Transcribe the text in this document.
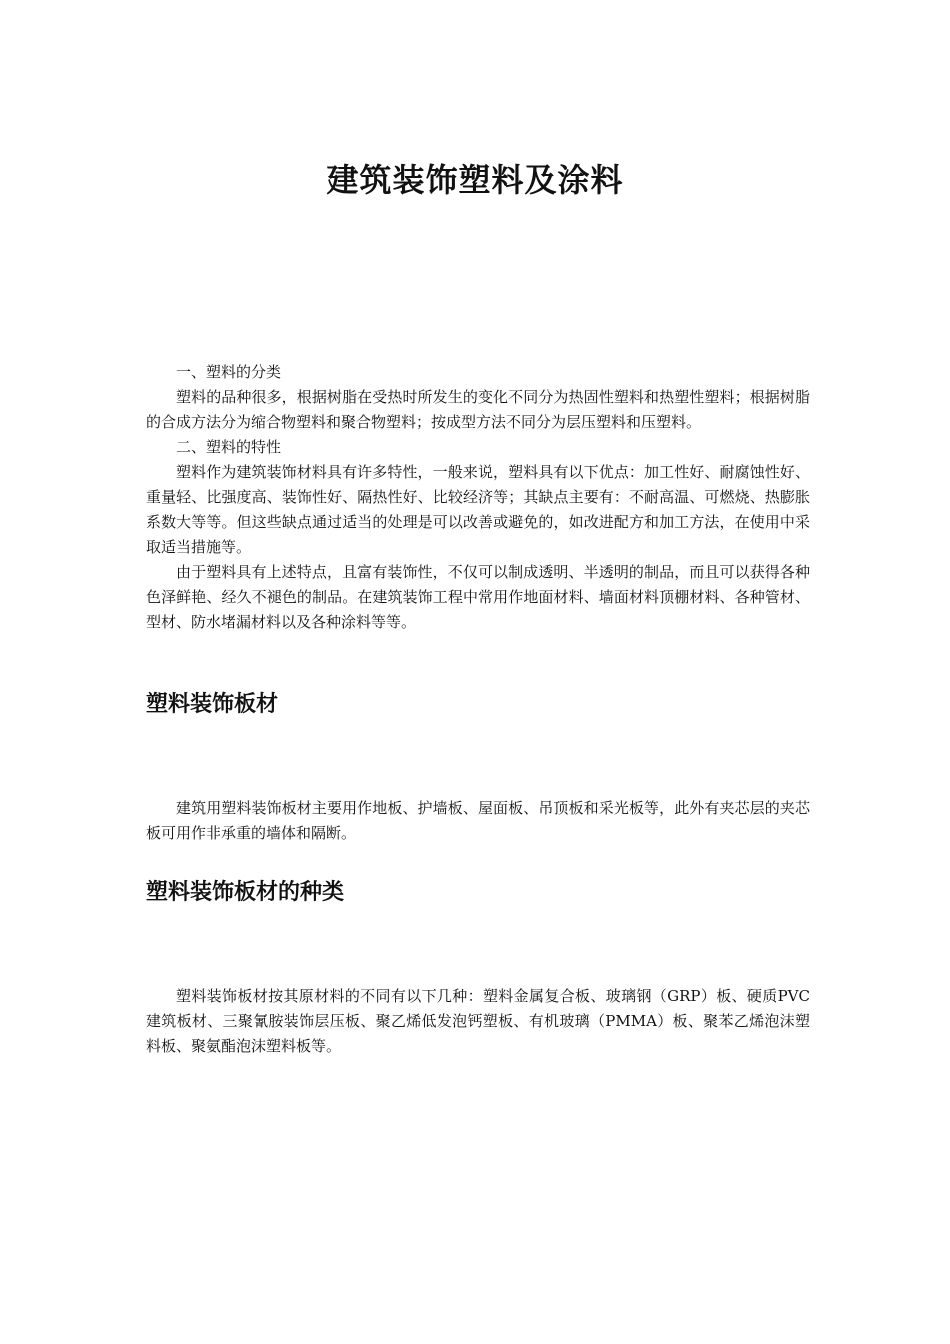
建筑装饰塑料及涂料

一、塑料的分类

塑料的品种很多，根据树脂在受热时所发生的变化不同分为热固性塑料和热塑性塑料；根据树脂的合成方法分为缩合物塑料和聚合物塑料；按成型方法不同分为层压塑料和压塑料。

二、塑料的特性

塑料作为建筑装饰材料具有许多特性，一般来说，塑料具有以下优点：加工性好、耐腐蚀性好、重量轻、比强度高、装饰性好、隔热性好、比较经济等；其缺点主要有：不耐高温、可燃烧、热膨胀系数大等等。但这些缺点通过适当的处理是可以改善或避免的，如改进配方和加工方法，在使用中采取适当措施等。

由于塑料具有上述特点，且富有装饰性，不仅可以制成透明、半透明的制品，而且可以获得各种色泽鲜艳、经久不褪色的制品。在建筑装饰工程中常用作地面材料、墙面材料顶棚材料、各种管材、型材、防水堵漏材料以及各种涂料等等。

塑料装饰板材

建筑用塑料装饰板材主要用作地板、护墙板、屋面板、吊顶板和采光板等，此外有夹芯层的夹芯板可用作非承重的墙体和隔断。

塑料装饰板材的种类

塑料装饰板材按其原材料的不同有以下几种：塑料金属复合板、玻璃钢（GRP）板、硬质PVC建筑板材、三聚氰胺装饰层压板、聚乙烯低发泡钙塑板、有机玻璃（PMMA）板、聚苯乙烯泡沫塑料板、聚氨酯泡沫塑料板等。
